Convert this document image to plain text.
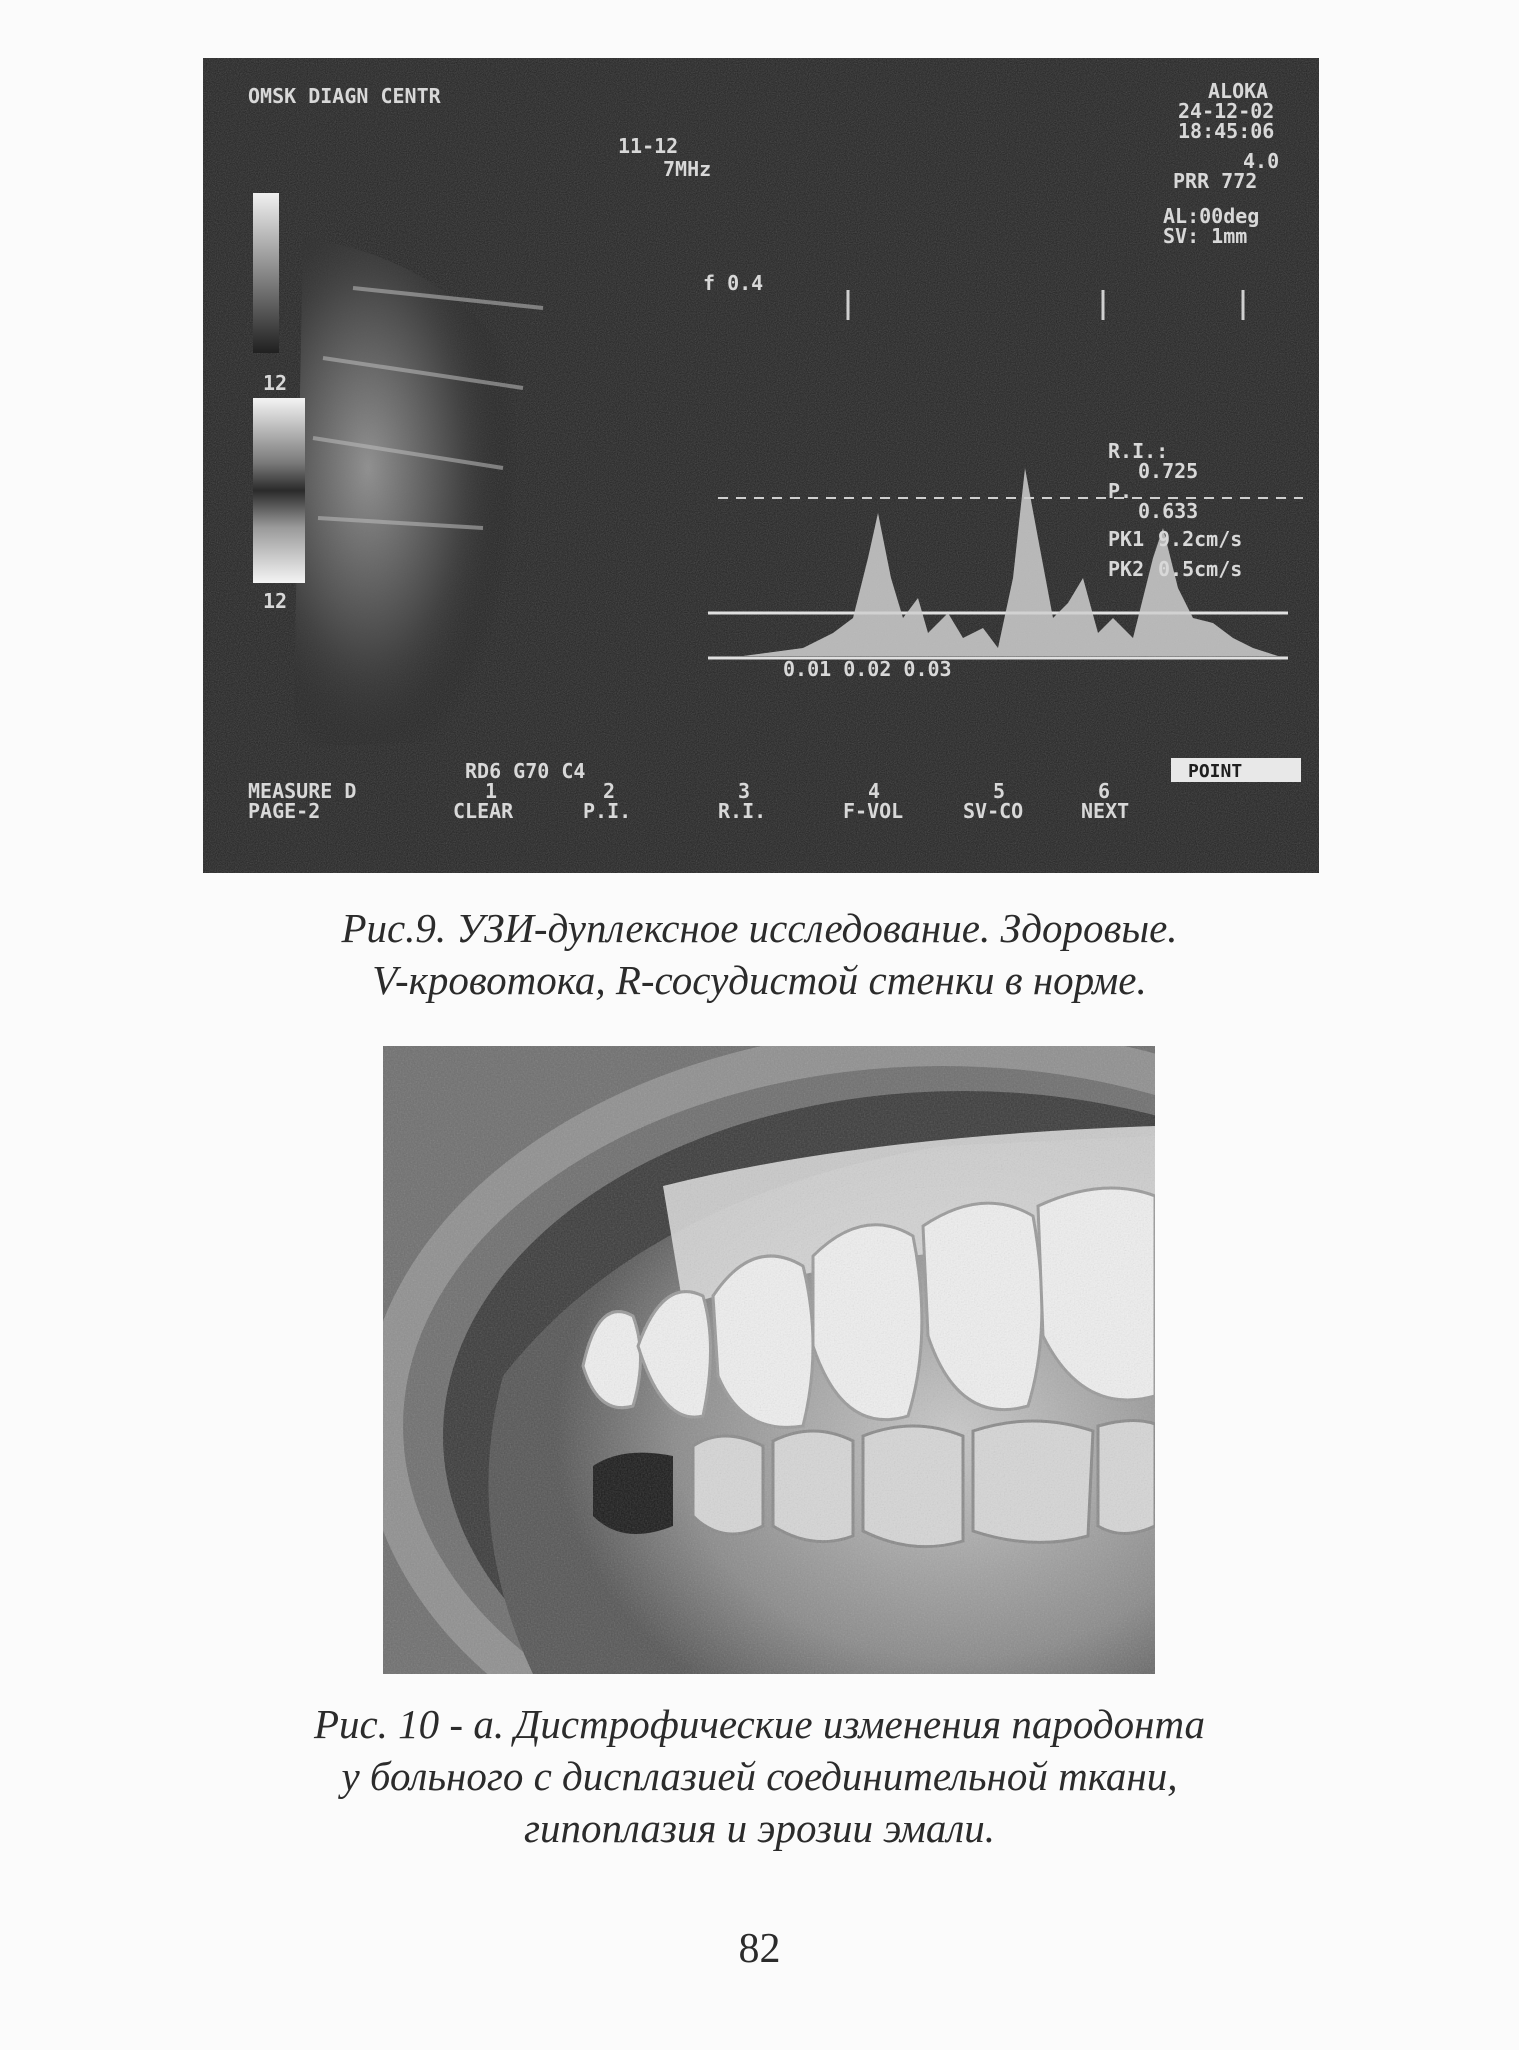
OMSK DIAGN CENTR
11-12
7MHz
ALOKA
24-12-02
18:45:06
4.0
PRR 772
AL:00deg
SV: 1mm
12
12
f 0.4
0.01 0.02 0.03
R.I.:
0.725
P.
0.633
PK1 9.2cm/s
PK2 0.5cm/s
POINT
RD6 G70 C4
MEASURE D
PAGE-2
1
CLEAR
2
P.I.
3
R.I.
4
F-VOL
5
SV-CO
6
NEXT
Рис.9. УЗИ-дуплексное исследование. Здоровые.
V-кровотока, R-сосудистой стенки в норме.
Рис. 10 - а. Дистрофические изменения пародонта
у больного с дисплазией соединительной ткани,
гипоплазия и эрозии эмали.
82
